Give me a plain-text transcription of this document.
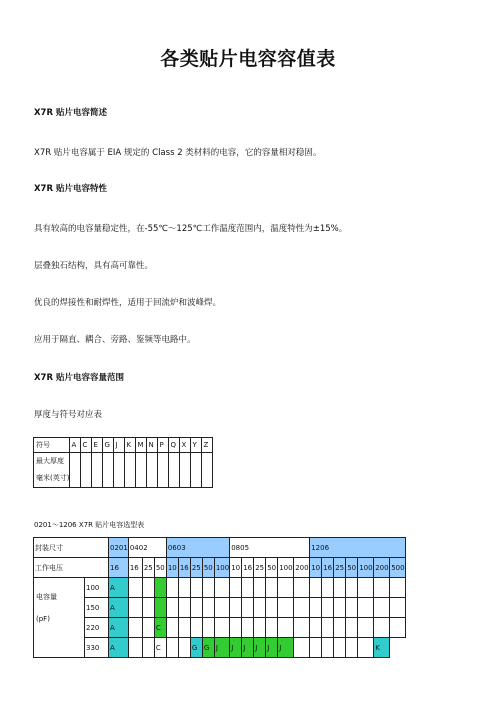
各类贴片电容容值表
X7R 贴片电容简述
X7R 贴片电容属于 EIA 规定的 Class 2 类材料的电容，它的容量相对稳固。
X7R 贴片电容特性
具有较高的电容量稳定性，在-55℃～125℃工作温度范围内，温度特性为±15%。
层叠独石结构，具有高可靠性。
优良的焊接性和耐焊性，适用于回流炉和波峰焊。
应用于隔直、耦合、旁路、鉴频等电路中。
X7R 贴片电容容量范围
厚度与符号对应表
符号	A	C	E	G	J	K	M	N	P	Q	X	Y	Z

最大厚度
毫米(英寸)													

0201～1206 X7R 贴片电容选型表
封装尺寸		0201	0402			0603					0805						1206						
工作电压		16	16	25	50	10	16	25	50	100	10	16	25	50	100	200	10	16	25	50	100	200	500

电容量
(pF)	100	A																					
	150	A																					
	220	A			C																		
	330	A			C			G	G	J	J	J	J	J	J							K	
